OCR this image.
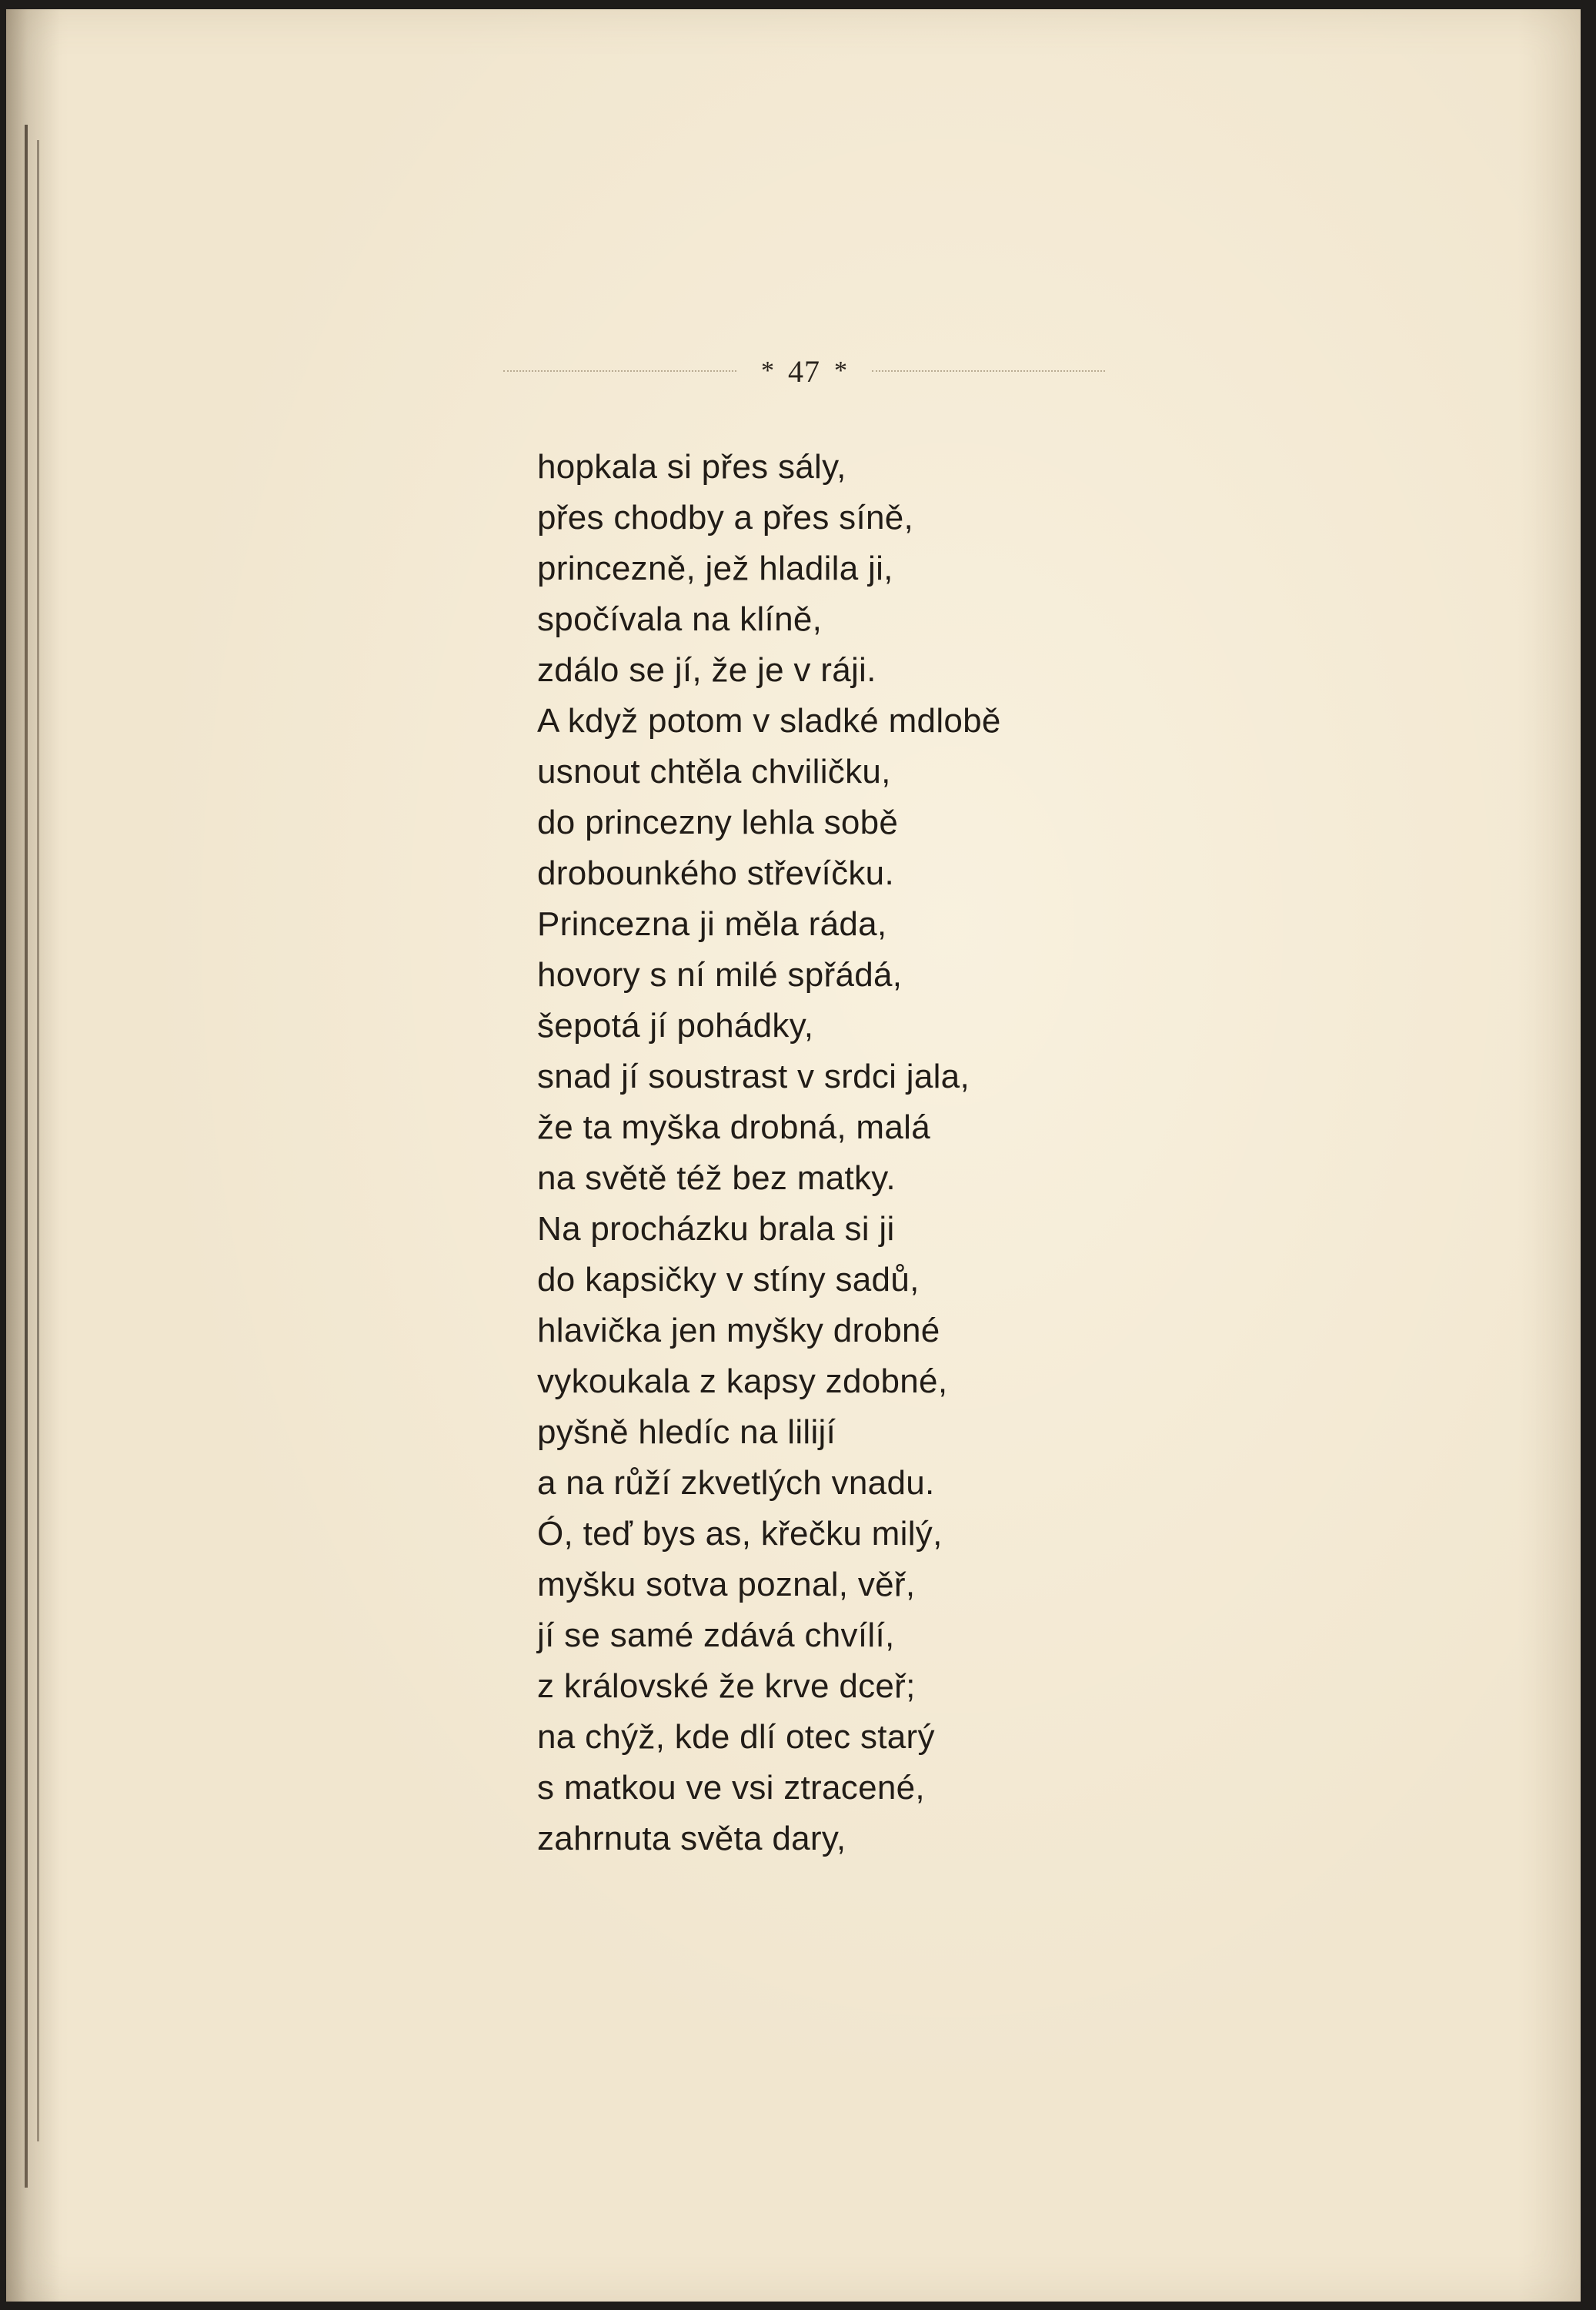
* 47 *
hopkala si přes sály,
přes chodby a přes síně,
princezně, jež hladila ji,
spočívala na klíně,
zdálo se jí, že je v ráji.
A když potom v sladké mdlobě
usnout chtěla chviličku,
do princezny lehla sobě
drobounkého střevíčku.
Princezna ji měla ráda,
hovory s ní milé spřádá,
šepotá jí pohádky,
snad jí soustrast v srdci jala,
že ta myška drobná, malá
na světě též bez matky.
Na procházku brala si ji
do kapsičky v stíny sadů,
hlavička jen myšky drobné
vykoukala z kapsy zdobné,
pyšně hledíc na lilijí
a na růží zkvetlých vnadu.
Ó, teď bys as, křečku milý,
myšku sotva poznal, věř,
jí se samé zdává chvílí,
z královské že krve dceř;
na chýž, kde dlí otec starý
s matkou ve vsi ztracené,
zahrnuta světa dary,
